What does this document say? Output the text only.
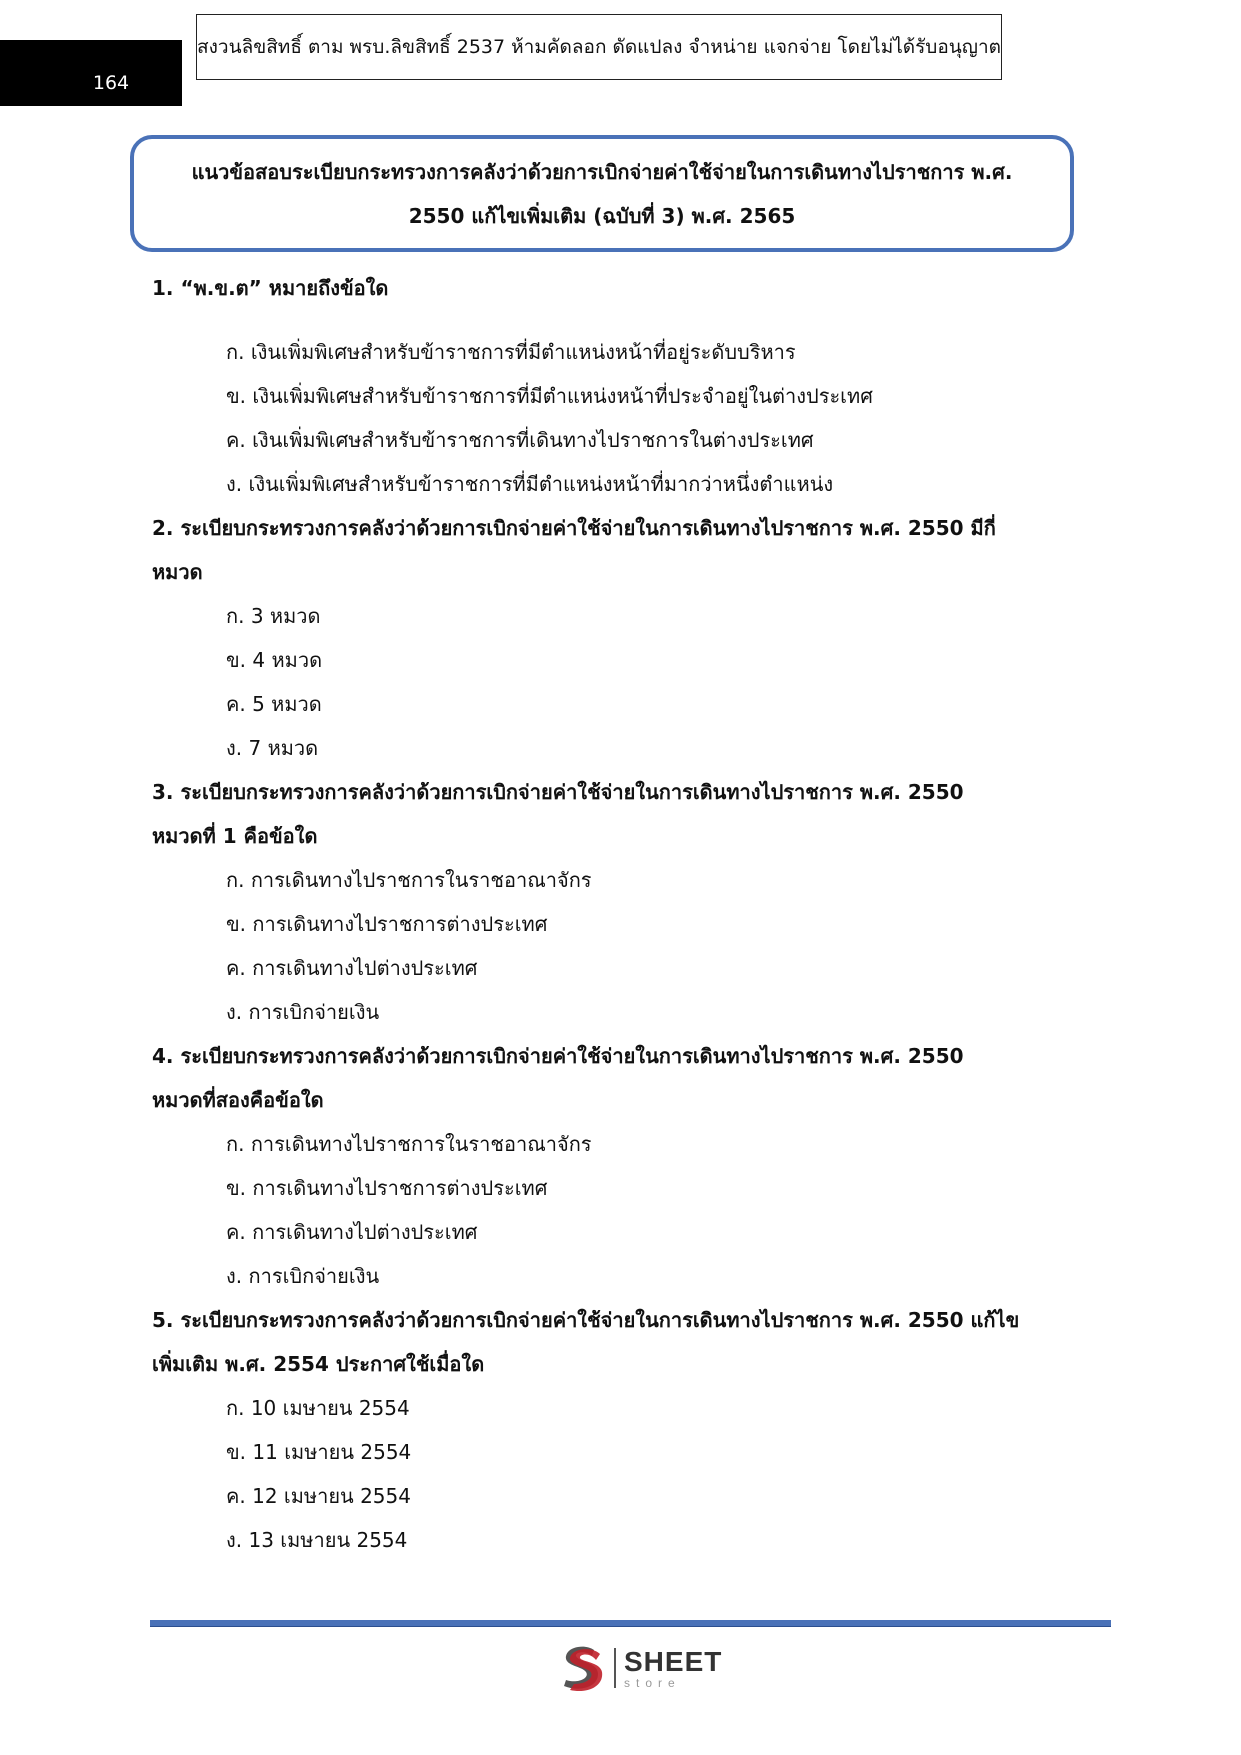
164
สงวนลิขสิทธิ์ ตาม พรบ.ลิขสิทธิ์ 2537 ห้ามคัดลอก ดัดแปลง จำหน่าย แจกจ่าย โดยไม่ได้รับอนุญาต
แนวข้อสอบระเบียบกระทรวงการคลังว่าด้วยการเบิกจ่ายค่าใช้จ่ายในการเดินทางไปราชการ พ.ศ.
2550 แก้ไขเพิ่มเติม (ฉบับที่ 3) พ.ศ. 2565

1. “พ.ข.ต” หมายถึงข้อใด

ก. เงินเพิ่มพิเศษสำหรับข้าราชการที่มีตำแหน่งหน้าที่อยู่ระดับบริหาร

ข. เงินเพิ่มพิเศษสำหรับข้าราชการที่มีตำแหน่งหน้าที่ประจำอยู่ในต่างประเทศ

ค. เงินเพิ่มพิเศษสำหรับข้าราชการที่เดินทางไปราชการในต่างประเทศ

ง. เงินเพิ่มพิเศษสำหรับข้าราชการที่มีตำแหน่งหน้าที่มากว่าหนึ่งตำแหน่ง

2. ระเบียบกระทรวงการคลังว่าด้วยการเบิกจ่ายค่าใช้จ่ายในการเดินทางไปราชการ พ.ศ. 2550 มีกี่

หมวด

ก. 3 หมวด

ข. 4 หมวด

ค. 5 หมวด

ง. 7 หมวด

3. ระเบียบกระทรวงการคลังว่าด้วยการเบิกจ่ายค่าใช้จ่ายในการเดินทางไปราชการ พ.ศ. 2550

หมวดที่ 1 คือข้อใด

ก. การเดินทางไปราชการในราชอาณาจักร

ข. การเดินทางไปราชการต่างประเทศ

ค. การเดินทางไปต่างประเทศ

ง. การเบิกจ่ายเงิน

4. ระเบียบกระทรวงการคลังว่าด้วยการเบิกจ่ายค่าใช้จ่ายในการเดินทางไปราชการ พ.ศ. 2550

หมวดที่สองคือข้อใด

ก. การเดินทางไปราชการในราชอาณาจักร

ข. การเดินทางไปราชการต่างประเทศ

ค. การเดินทางไปต่างประเทศ

ง. การเบิกจ่ายเงิน

5. ระเบียบกระทรวงการคลังว่าด้วยการเบิกจ่ายค่าใช้จ่ายในการเดินทางไปราชการ พ.ศ. 2550 แก้ไข

เพิ่มเติม พ.ศ. 2554 ประกาศใช้เมื่อใด

ก. 10 เมษายน 2554

ข. 11 เมษายน 2554

ค. 12 เมษายน 2554

ง. 13 เมษายน 2554

SHEET
store
